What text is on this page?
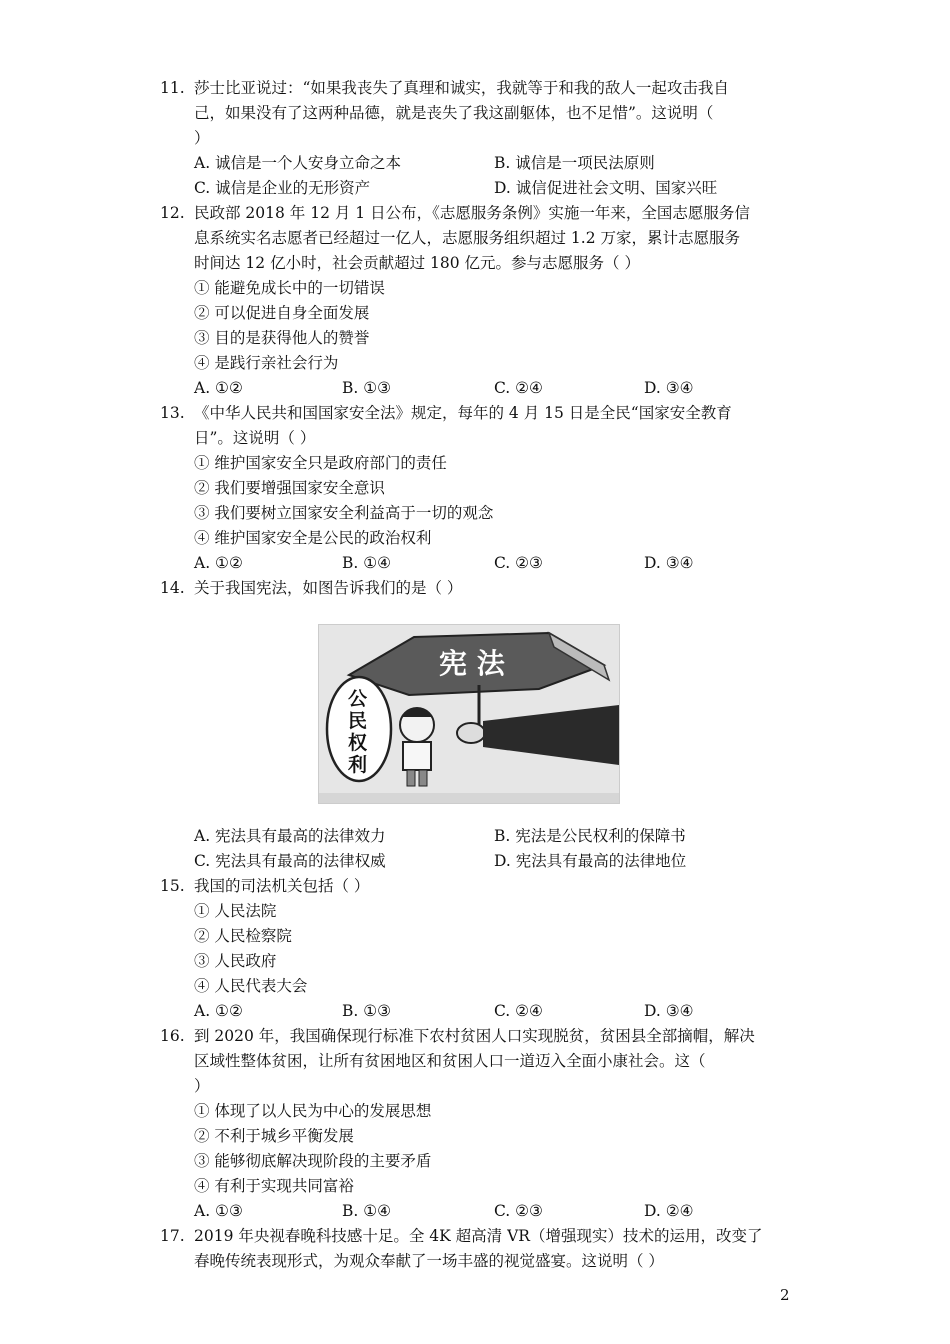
11. 莎士比亚说过：“如果我丧失了真理和诚实，我就等于和我的敌人一起攻击我自
己，如果没有了这两种品德，就是丧失了我这副躯体，也不足惜”。这说明（
）
A. 诚信是一个人安身立命之本	B. 诚信是一项民法原则
C. 诚信是企业的无形资产	D. 诚信促进社会文明、国家兴旺
12. 民政部 2018 年 12 月 1 日公布，《志愿服务条例》实施一年来，全国志愿服务信
息系统实名志愿者已经超过一亿人，志愿服务组织超过 1.2 万家，累计志愿服务
时间达 12 亿小时，社会贡献超过 180 亿元。参与志愿服务（ ）
① 能避免成长中的一切错误
② 可以促进自身全面发展
③ 目的是获得他人的赞誉
④ 是践行亲社会行为
A. ①②	B. ①③	C. ②④	D. ③④
13. 《中华人民共和国国家安全法》规定，每年的 4 月 15 日是全民“国家安全教育
日”。这说明（ ）
① 维护国家安全只是政府部门的责任
② 我们要增强国家安全意识
③ 我们要树立国家安全利益高于一切的观念
④ 维护国家安全是公民的政治权利
A. ①②	B. ①④	C. ②③	D. ③④
14. 关于我国宪法，如图告诉我们的是（ ）
宪 法
公
民
权
利
A. 宪法具有最高的法律效力	B. 宪法是公民权利的保障书
C. 宪法具有最高的法律权威	D. 宪法具有最高的法律地位
15. 我国的司法机关包括（ ）
① 人民法院
② 人民检察院
③ 人民政府
④ 人民代表大会
A. ①②	B. ①③	C. ②④	D. ③④
16. 到 2020 年，我国确保现行标准下农村贫困人口实现脱贫，贫困县全部摘帽，解决
区域性整体贫困，让所有贫困地区和贫困人口一道迈入全面小康社会。这（
）
① 体现了以人民为中心的发展思想
② 不利于城乡平衡发展
③ 能够彻底解决现阶段的主要矛盾
④ 有利于实现共同富裕
A. ①③	B. ①④	C. ②③	D. ②④
17. 2019 年央视春晚科技感十足。全 4K 超高清 VR（增强现实）技术的运用，改变了
春晚传统表现形式，为观众奉献了一场丰盛的视觉盛宴。这说明（ ）
2
